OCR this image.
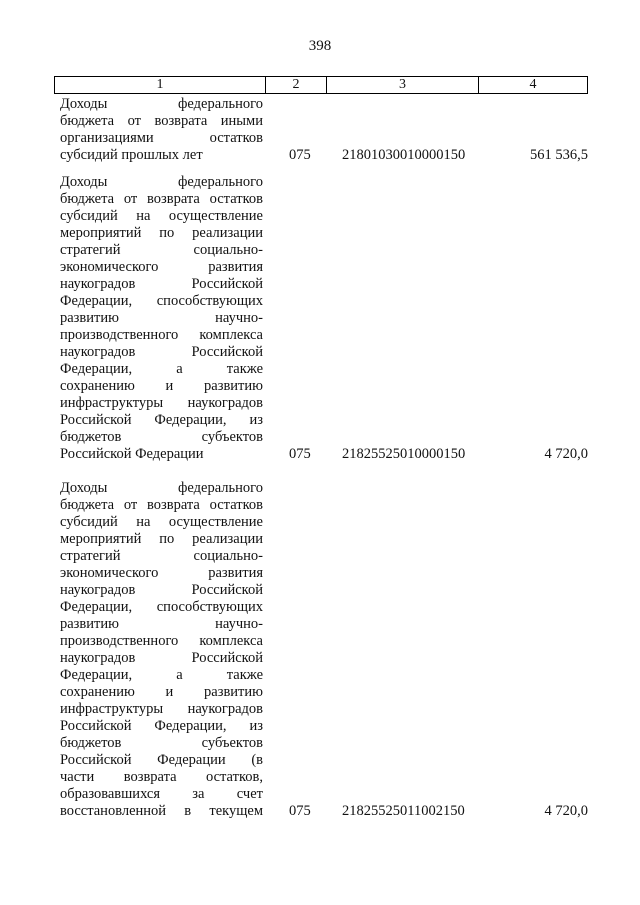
398
1	2	3	4
Доходы федерального
бюджета от возврата иными
организациями остатков
субсидий прошлых лет	075 21801030010000150	561 536,5
Доходы федерального
бюджета от возврата остатков
субсидий на осуществление
мероприятий по реализации
стратегий социально-
экономического развития
наукоградов Российской
Федерации, способствующих
развитию научно-
производственного комплекса
наукоградов Российской
Федерации, а также
сохранению и развитию
инфраструктуры наукоградов
Российской Федерации, из
бюджетов субъектов
Российской Федерации	075 21825525010000150	4 720,0
Доходы федерального
бюджета от возврата остатков
субсидий на осуществление
мероприятий по реализации
стратегий социально-
экономического развития
наукоградов Российской
Федерации, способствующих
развитию научно-
производственного комплекса
наукоградов Российской
Федерации, а также
сохранению и развитию
инфраструктуры наукоградов
Российской Федерации, из
бюджетов субъектов
Российской Федерации (в
части возврата остатков,
образовавшихся за счет
восстановленной в текущем 075 21825525011002150	4 720,0
